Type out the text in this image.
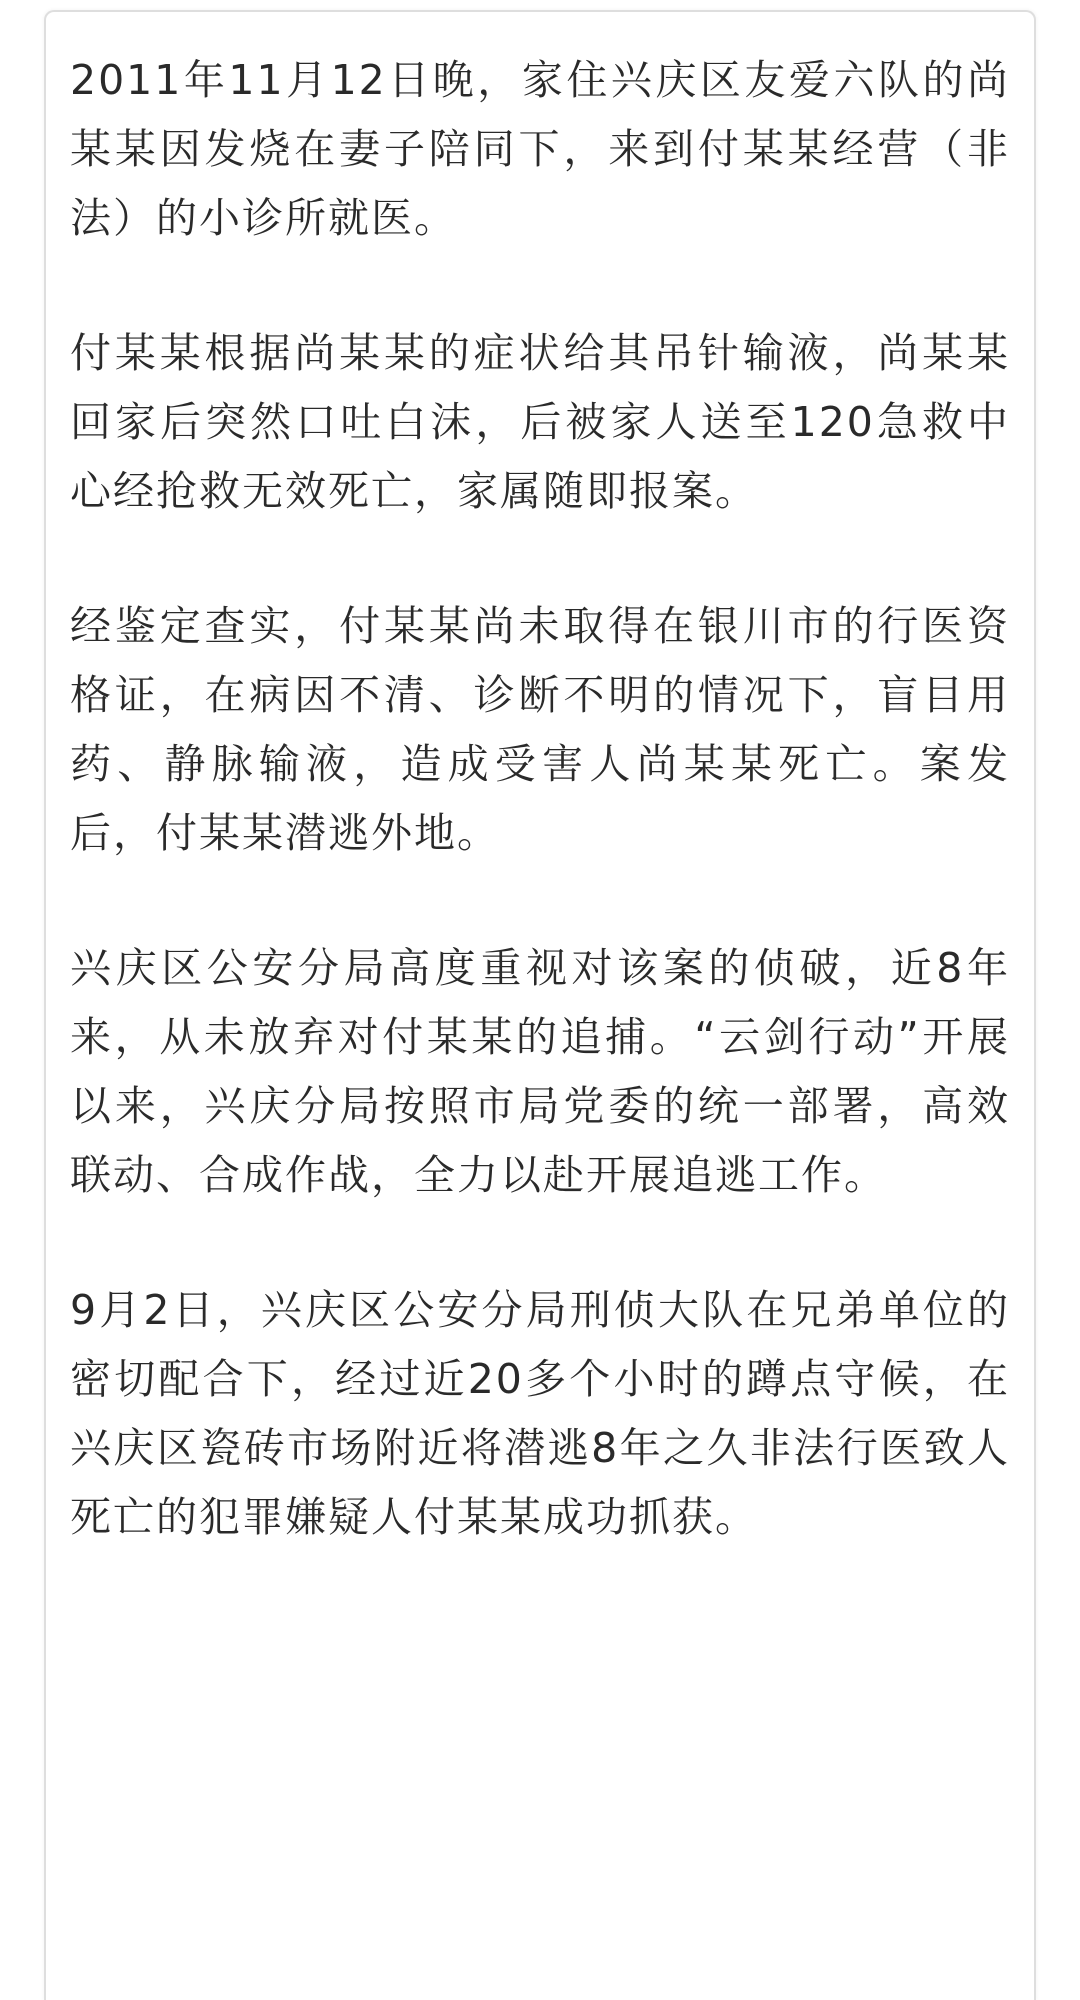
2011年11月12日晚，家住兴庆区友爱六队的尚某某因发烧在妻子陪同下，来到付某某经营（非法）的小诊所就医。

付某某根据尚某某的症状给其吊针输液，尚某某回家后突然口吐白沫，后被家人送至120急救中心经抢救无效死亡，家属随即报案。

经鉴定查实，付某某尚未取得在银川市的行医资格证，在病因不清、诊断不明的情况下，盲目用药、静脉输液，造成受害人尚某某死亡。案发后，付某某潜逃外地。

兴庆区公安分局高度重视对该案的侦破，近8年来，从未放弃对付某某的追捕。“云剑行动”开展以来，兴庆分局按照市局党委的统一部署，高效联动、合成作战，全力以赴开展追逃工作。

9月2日，兴庆区公安分局刑侦大队在兄弟单位的密切配合下，经过近20多个小时的蹲点守候，在兴庆区瓷砖市场附近将潜逃8年之久非法行医致人死亡的犯罪嫌疑人付某某成功抓获。
